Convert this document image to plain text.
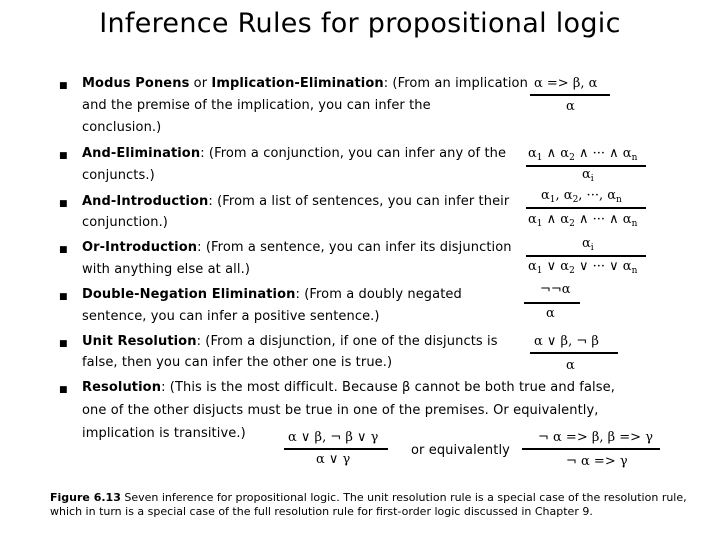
Inference Rules for propositional logic
■ Modus Ponens or Implication-Elimination: (From an implication
and the premise of the implication, you can infer the
conclusion.)
α => β, α
α
■ And-Elimination: (From a conjunction, you can infer any of the
conjuncts.)
$\alpha_1$ ∧ $\alpha_2$ ∧ ··· ∧ $\alpha_n$
$\alpha_i$
■ And-Introduction: (From a list of sentences, you can infer their
conjunction.)
$\alpha_1$, $\alpha_2$, ···, $\alpha_n$
$\alpha_1$ ∧ $\alpha_2$ ∧ ··· ∧ $\alpha_n$
■ Or-Introduction: (From a sentence, you can infer its disjunction
with anything else at all.)
$\alpha_i$
$\alpha_1$ ∨ $\alpha_2$ ∨ ··· ∨ $\alpha_n$
■ Double-Negation Elimination: (From a doubly negated
sentence, you can infer a positive sentence.)
¬¬α
α
■ Unit Resolution: (From a disjunction, if one of the disjuncts is
false, then you can infer the other one is true.)
α ∨ β, ¬ β
α
■ Resolution: (This is the most difficult. Because β cannot be both true and false,
one of the other disjucts must be true in one of the premises. Or equivalently,
implication is transitive.)	α ∨ β, ¬ β ∨ γ
α ∨ γ
or equivalently
¬ α => β, β => γ
¬ α => γ
Figure 6.13 Seven inference for propositional logic. The unit resolution rule is a special case of the resolution rule, which in turn is a special case of the full resolution rule for first-order logic discussed in Chapter 9.
